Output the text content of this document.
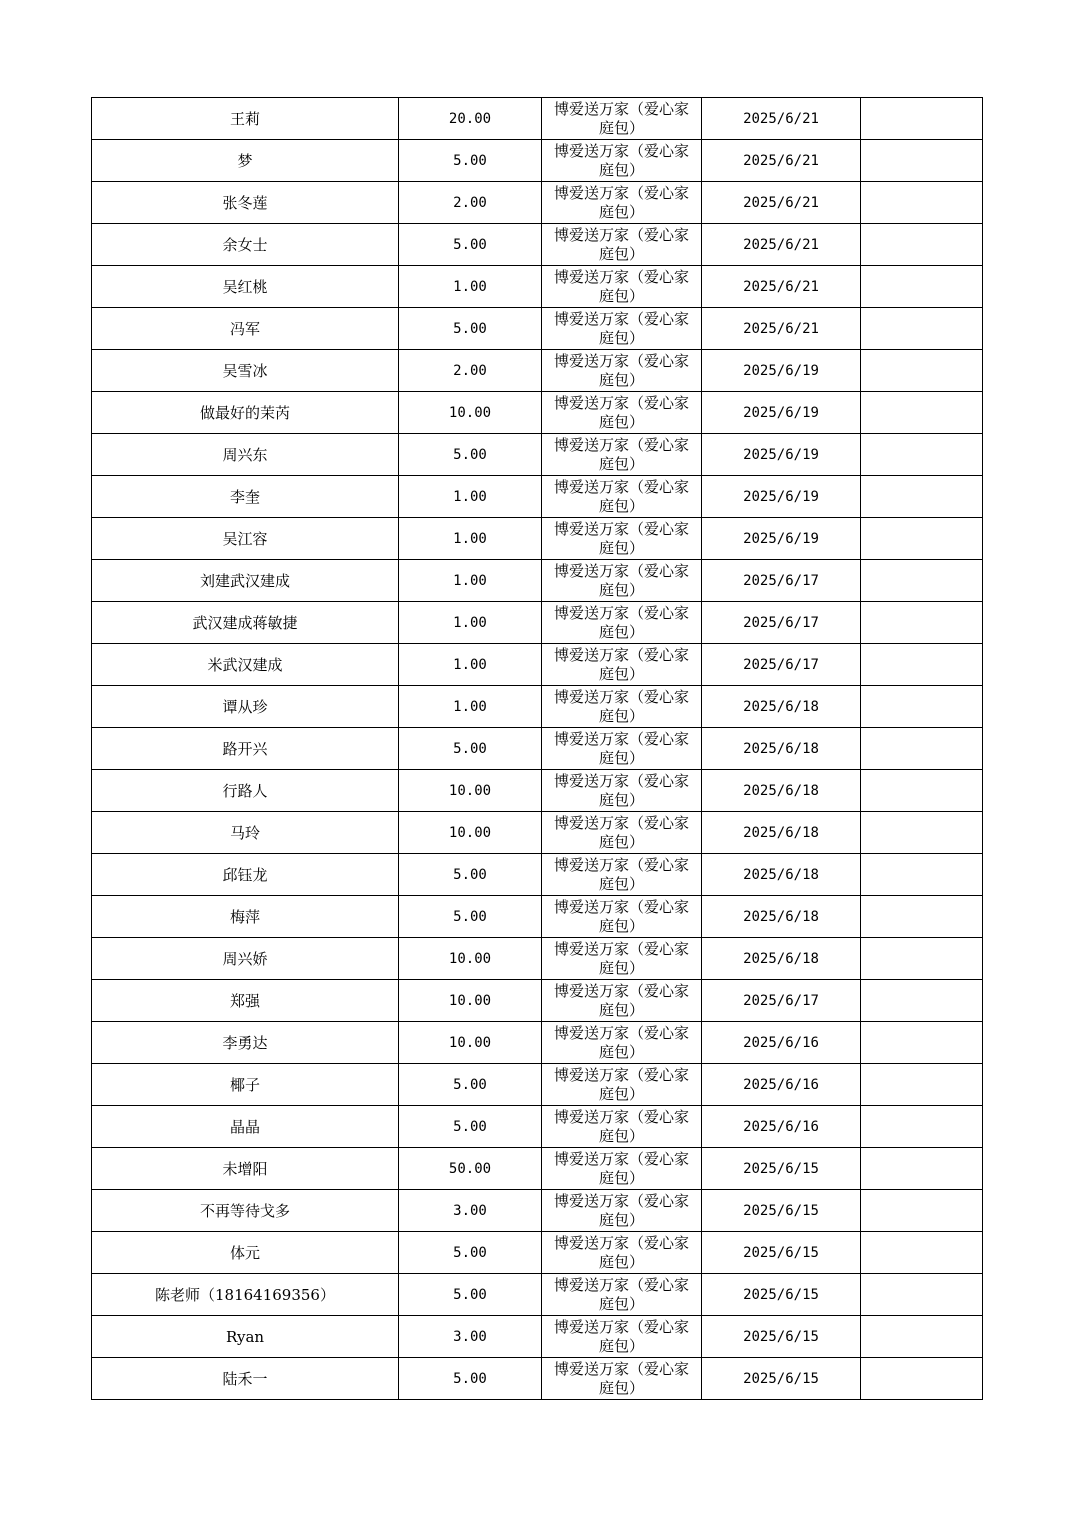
王莉	20.00	博爱送万家（爱心家庭包）	2025/6/21	
梦	5.00	博爱送万家（爱心家庭包）	2025/6/21	
张冬莲	2.00	博爱送万家（爱心家庭包）	2025/6/21	
余女士	5.00	博爱送万家（爱心家庭包）	2025/6/21	
吴红桃	1.00	博爱送万家（爱心家庭包）	2025/6/21	
冯军	5.00	博爱送万家（爱心家庭包）	2025/6/21	
吴雪冰	2.00	博爱送万家（爱心家庭包）	2025/6/19	
做最好的茉芮	10.00	博爱送万家（爱心家庭包）	2025/6/19	
周兴东	5.00	博爱送万家（爱心家庭包）	2025/6/19	
李奎	1.00	博爱送万家（爱心家庭包）	2025/6/19	
吴江容	1.00	博爱送万家（爱心家庭包）	2025/6/19	
刘建武汉建成	1.00	博爱送万家（爱心家庭包）	2025/6/17	
武汉建成蒋敏捷	1.00	博爱送万家（爱心家庭包）	2025/6/17	
米武汉建成	1.00	博爱送万家（爱心家庭包）	2025/6/17	
谭从珍	1.00	博爱送万家（爱心家庭包）	2025/6/18	
路开兴	5.00	博爱送万家（爱心家庭包）	2025/6/18	
行路人	10.00	博爱送万家（爱心家庭包）	2025/6/18	
马玲	10.00	博爱送万家（爱心家庭包）	2025/6/18	
邱钰龙	5.00	博爱送万家（爱心家庭包）	2025/6/18	
梅萍	5.00	博爱送万家（爱心家庭包）	2025/6/18	
周兴娇	10.00	博爱送万家（爱心家庭包）	2025/6/18	
郑强	10.00	博爱送万家（爱心家庭包）	2025/6/17	
李勇达	10.00	博爱送万家（爱心家庭包）	2025/6/16	
椰子	5.00	博爱送万家（爱心家庭包）	2025/6/16	
晶晶	5.00	博爱送万家（爱心家庭包）	2025/6/16	
未增阳	50.00	博爱送万家（爱心家庭包）	2025/6/15	
不再等待戈多	3.00	博爱送万家（爱心家庭包）	2025/6/15	
体元	5.00	博爱送万家（爱心家庭包）	2025/6/15	
陈老师（18164169356）	5.00	博爱送万家（爱心家庭包）	2025/6/15	
Ryan	3.00	博爱送万家（爱心家庭包）	2025/6/15	
陆禾一	5.00	博爱送万家（爱心家庭包）	2025/6/15	
